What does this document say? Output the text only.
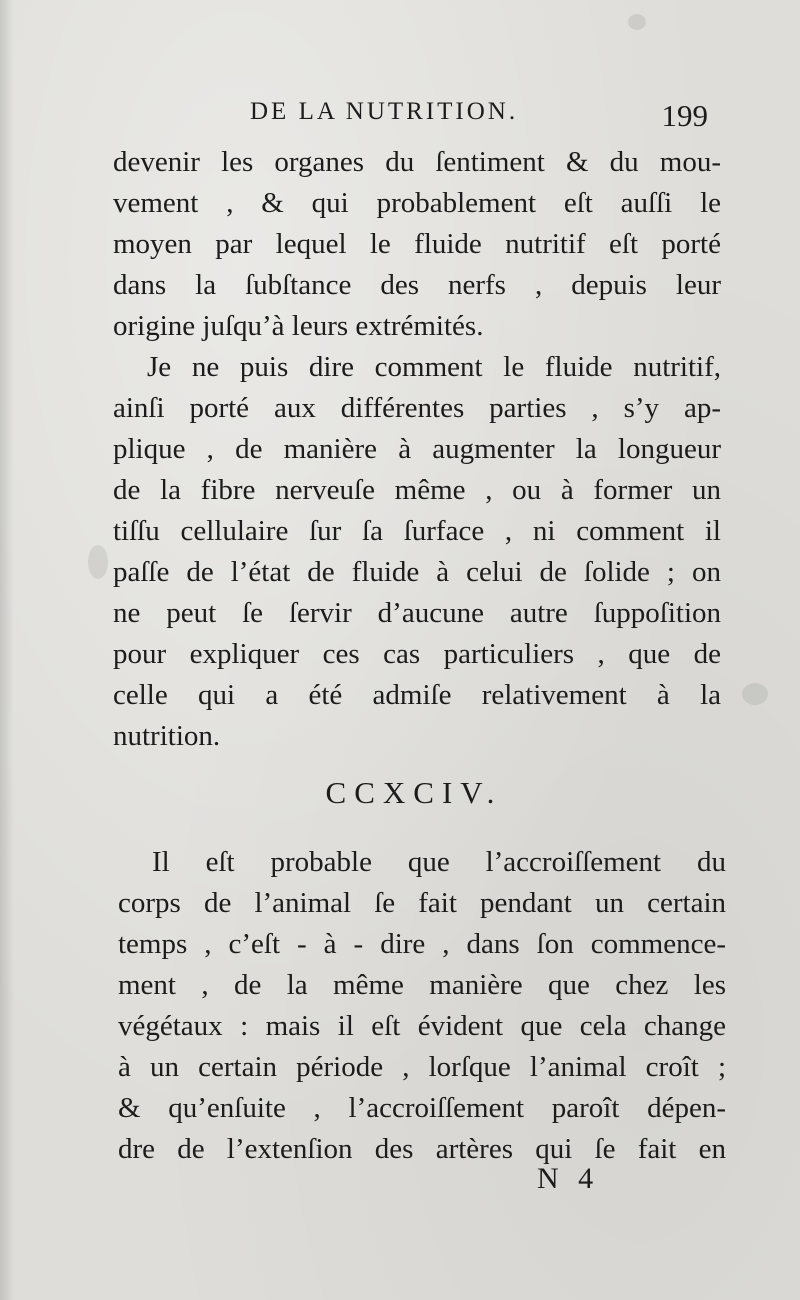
DE LA NUTRITION.	199
devenir les organes du ſentiment & du mou-
vement , & qui probablement eſt auſſi le
moyen par lequel le fluide nutritif eſt porté
dans la ſubſtance des nerfs , depuis leur
origine juſqu’à leurs extrémités.
Je ne puis dire comment le fluide nutritif,
ainſi porté aux différentes parties , s’y ap-
plique , de manière à augmenter la longueur
de la fibre nerveuſe même , ou à former un
tiſſu cellulaire ſur ſa ſurface , ni comment il
paſſe de l’état de fluide à celui de ſolide ; on
ne peut ſe ſervir d’aucune autre ſuppoſition
pour expliquer ces cas particuliers , que de
celle qui a été admiſe relativement à la
nutrition.
CCXCIV.
Il eſt probable que l’accroiſſement du
corps de l’animal ſe fait pendant un certain
temps , c’eſt - à - dire , dans ſon commence-
ment , de la même manière que chez les
végétaux : mais il eſt évident que cela change
à un certain période , lorſque l’animal croît ;
& qu’enſuite , l’accroiſſement paroît dépen-
dre de l’extenſion des artères qui ſe fait en
N 4
